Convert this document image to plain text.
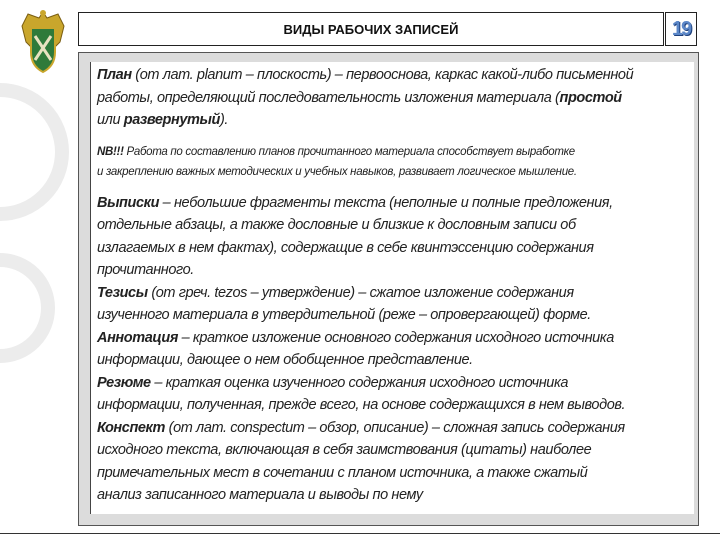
ВИДЫ РАБОЧИХ ЗАПИСЕЙ	19
План (от лат. planum – плоскость) – первооснова, каркас какой-либо письменной
работы, определяющий последовательность изложения материала (простой
или развернутый).
NB!!! Работа по составлению планов прочитанного материала способствует выработке
и закреплению важных методических и учебных навыков, развивает логическое мышление.
Выписки – небольшие фрагменты текста (неполные и полные предложения,
отдельные абзацы, а также дословные и близкие к дословным записи об
излагаемых в нем фактах), содержащие в себе квинтэссенцию содержания
прочитанного.
Тезисы (от греч. tezos – утверждение) – сжатое изложение содержания
изученного материала в утвердительной (реже – опровергающей) форме.
Аннотация – краткое изложение основного содержания исходного источника
информации, дающее о нем обобщенное представление.
Резюме – краткая оценка изученного содержания исходного источника
информации, полученная, прежде всего, на основе содержащихся в нем выводов.
Конспект (от лат. conspectum – обзор, описание) – сложная запись содержания
исходного текста, включающая в себя заимствования (цитаты) наиболее
примечательных мест в сочетании с планом источника, а также сжатый
анализ записанного материала и выводы по нему
